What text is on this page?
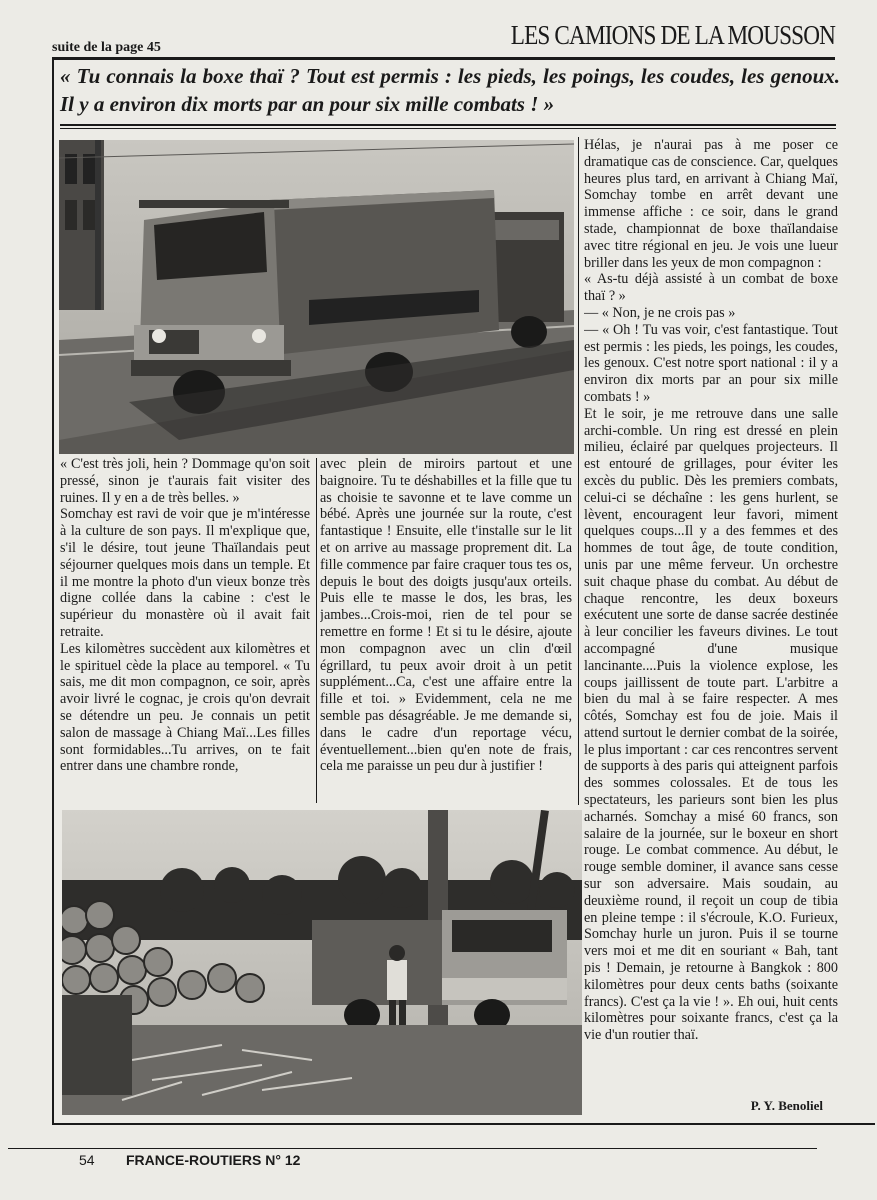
suite de la page 45	LES CAMIONS DE LA MOUSSON
« Tu connais la boxe thaï ? Tout est permis : les pieds, les poings, les coudes, les genoux. Il y a environ dix morts par an pour six mille combats ! »
« C'est très joli, hein ? Dommage qu'on soit pressé, sinon je t'aurais fait visiter des ruines. Il y en a de très belles. »
Somchay est ravi de voir que je m'intéresse à la culture de son pays. Il m'explique que, s'il le désire, tout jeune Thaïlandais peut séjourner quelques mois dans un temple. Et il me montre la photo d'un vieux bonze très digne collée dans la cabine : c'est le supérieur du monastère où il avait fait retraite.
Les kilomètres succèdent aux kilomètres et le spirituel cède la place au temporel. « Tu sais, me dit mon compagnon, ce soir, après avoir livré le cognac, je crois qu'on devrait se détendre un peu. Je connais un petit salon de massage à Chiang Maï...Les filles sont formidables...Tu arrives, on te fait entrer dans une chambre ronde,
avec plein de miroirs partout et une baignoire. Tu te déshabilles et la fille que tu as choisie te savonne et te lave comme un bébé. Après une journée sur la route, c'est fantastique ! Ensuite, elle t'installe sur le lit et on arrive au massage proprement dit. La fille commence par faire craquer tous tes os, depuis le bout des doigts jusqu'aux orteils. Puis elle te masse le dos, les bras, les jambes...Crois-moi, rien de tel pour se remettre en forme ! Et si tu le désire, ajoute mon compagnon avec un clin d'œil égrillard, tu peux avoir droit à un petit supplément...Ca, c'est une affaire entre la fille et toi. » Evidemment, cela ne me semble pas désagréable. Je me demande si, dans le cadre d'un reportage vécu, éventuellement...bien qu'en note de frais, cela me paraisse un peu dur à justifier !
Hélas, je n'aurai pas à me poser ce dramatique cas de conscience. Car, quelques heures plus tard, en arrivant à Chiang Maï, Somchay tombe en arrêt devant une immense affiche : ce soir, dans le grand stade, championnat de boxe thaïlandaise avec titre régional en jeu. Je vois une lueur briller dans les yeux de mon compagnon :
« As-tu déjà assisté à un combat de boxe thaï ? »
— « Non, je ne crois pas »
— « Oh ! Tu vas voir, c'est fantastique. Tout est permis : les pieds, les poings, les coudes, les genoux. C'est notre sport national : il y a environ dix morts par an pour six mille combats ! »
Et le soir, je me retrouve dans une salle archi-comble. Un ring est dressé en plein milieu, éclairé par quelques projecteurs. Il est entouré de grillages, pour éviter les excès du public. Dès les premiers combats, celui-ci se déchaîne : les gens hurlent, se lèvent, encouragent leur favori, miment quelques coups...Il y a des femmes et des hommes de tout âge, de toute condition, unis par une même ferveur. Un orchestre suit chaque phase du combat. Au début de chaque rencontre, les deux boxeurs exécutent une sorte de danse sacrée destinée à leur concilier les faveurs divines. Le tout accompagné d'une musique lancinante....Puis la violence explose, les coups jaillissent de toute part. L'arbitre a bien du mal à se faire respecter. A mes côtés, Somchay est fou de joie. Mais il attend surtout le dernier combat de la soirée, le plus important : car ces rencontres servent de supports à des paris qui atteignent parfois des sommes colossales. Et de tous les spectateurs, les parieurs sont bien les plus acharnés. Somchay a misé 60 francs, son salaire de la journée, sur le boxeur en short rouge. Le combat commence. Au début, le rouge semble dominer, il avance sans cesse sur son adversaire. Mais soudain, au deuxième round, il reçoit un coup de tibia en pleine tempe : il s'écroule, K.O. Furieux, Somchay hurle un juron. Puis il se tourne vers moi et me dit en souriant « Bah, tant pis ! Demain, je retourne à Bangkok : 800 kilomètres pour deux cents baths (soixante francs). C'est ça la vie ! ». Eh oui, huit cents kilomètres pour soixante francs, c'est ça la vie d'un routier thaï.
P. Y. Benoliel
54 FRANCE-ROUTIERS N° 12
